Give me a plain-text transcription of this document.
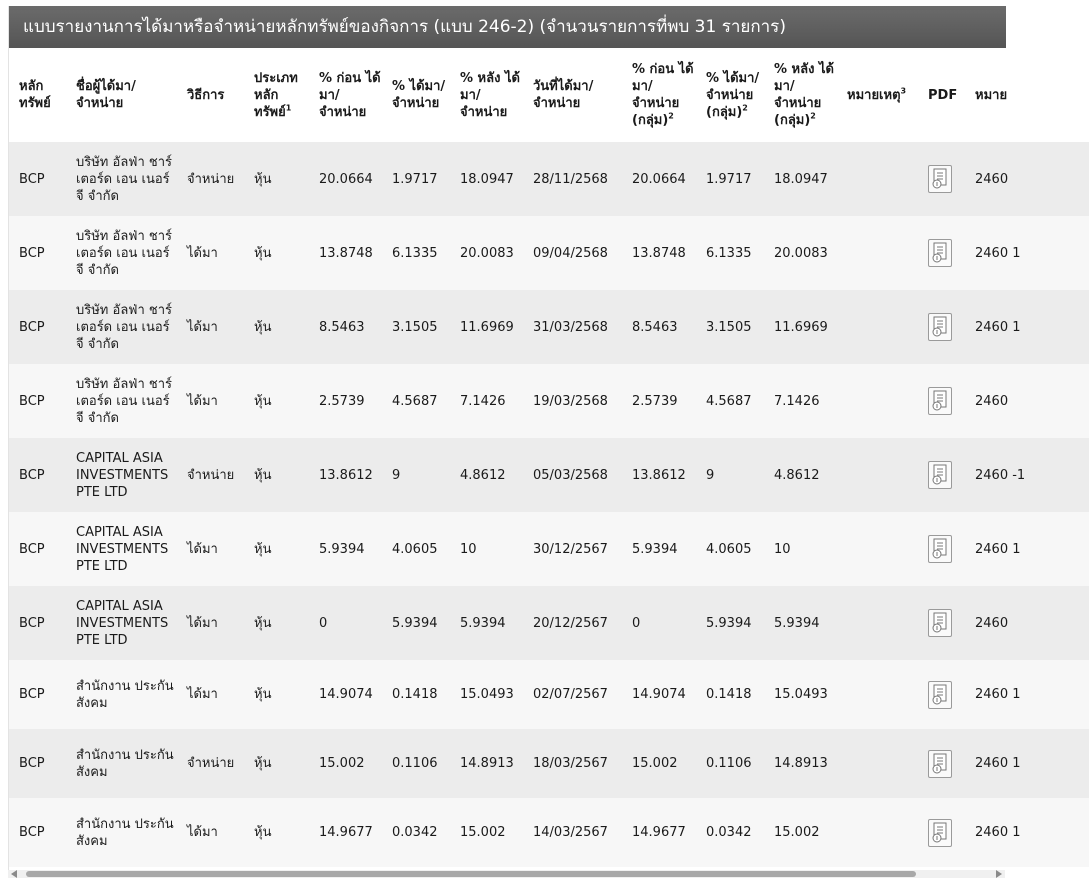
แบบรายงานการได้มาหรือจำหน่ายหลักทรัพย์ของกิจการ (แบบ 246-2) (จำนวนรายการที่พบ 31 รายการ)
หลัก ทรัพย์	ชื่อผู้ได้มา/ จำหน่าย	วิธีการ	ประเภท หลัก ทรัพย์$^1$	% ก่อน ได้มา/ จำหน่าย	% ได้มา/ จำหน่าย	% หลัง ได้มา/ จำหน่าย	วันที่ได้มา/ จำหน่าย	% ก่อน ได้มา/ จำหน่าย (กลุ่ม)$^2$	% ได้มา/ จำหน่าย (กลุ่ม)$^2$	% หลัง ได้มา/ จำหน่าย (กลุ่ม)$^2$	หมายเหตุ$^3$	PDF	หมาย
BCP	บริษัท อัลฟ่า ชาร์เตอร์ด เอน เนอร์จี จำกัด	จำหน่าย	หุ้น	20.0664	1.9717	18.0947	28/11/2568	20.0664	1.9717	18.0947			2460
BCP	บริษัท อัลฟ่า ชาร์เตอร์ด เอน เนอร์จี จำกัด	ได้มา	หุ้น	13.8748	6.1335	20.0083	09/04/2568	13.8748	6.1335	20.0083			2460 1
BCP	บริษัท อัลฟ่า ชาร์เตอร์ด เอน เนอร์จี จำกัด	ได้มา	หุ้น	8.5463	3.1505	11.6969	31/03/2568	8.5463	3.1505	11.6969			2460 1
BCP	บริษัท อัลฟ่า ชาร์เตอร์ด เอน เนอร์จี จำกัด	ได้มา	หุ้น	2.5739	4.5687	7.1426	19/03/2568	2.5739	4.5687	7.1426			2460
BCP	CAPITAL ASIA INVESTMENTS PTE LTD	จำหน่าย	หุ้น	13.8612	9	4.8612	05/03/2568	13.8612	9	4.8612			2460 -1
BCP	CAPITAL ASIA INVESTMENTS PTE LTD	ได้มา	หุ้น	5.9394	4.0605	10	30/12/2567	5.9394	4.0605	10			2460 1
BCP	CAPITAL ASIA INVESTMENTS PTE LTD	ได้มา	หุ้น	0	5.9394	5.9394	20/12/2567	0	5.9394	5.9394			2460
BCP	สำนักงาน ประกันสังคม	ได้มา	หุ้น	14.9074	0.1418	15.0493	02/07/2567	14.9074	0.1418	15.0493			2460 1
BCP	สำนักงาน ประกันสังคม	จำหน่าย	หุ้น	15.002	0.1106	14.8913	18/03/2567	15.002	0.1106	14.8913			2460 1
BCP	สำนักงาน ประกันสังคม	ได้มา	หุ้น	14.9677	0.0342	15.002	14/03/2567	14.9677	0.0342	15.002			2460 1
